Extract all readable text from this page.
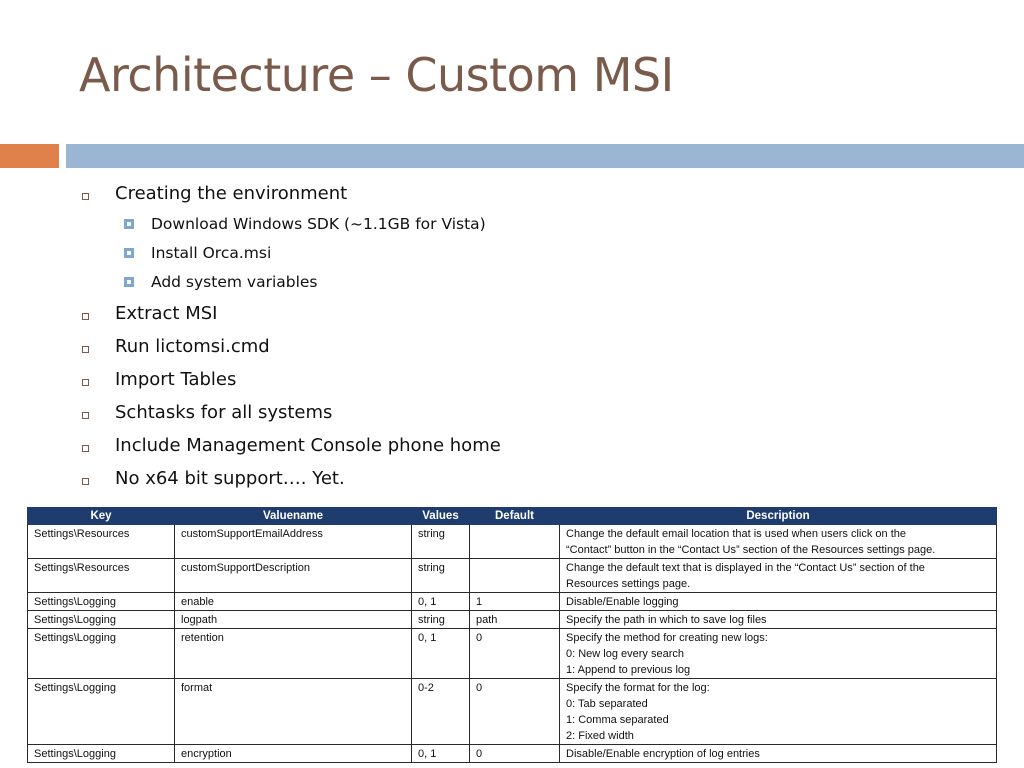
Architecture – Custom MSI
Creating the environment
Download Windows SDK (~1.1GB for Vista)
Install Orca.msi
Add system variables
Extract MSI
Run lictomsi.cmd
Import Tables
Schtasks for all systems
Include Management Console phone home
No x64 bit support…. Yet.
Key	Valuename	Values	Default	Description
Settings\Resources	customSupportEmailAddress	string		Change the default email location that is used when users click on the
“Contact” button in the “Contact Us” section of the Resources settings page.
Settings\Resources	customSupportDescription	string		Change the default text that is displayed in the “Contact Us” section of the
Resources settings page.
Settings\Logging	enable	0, 1	1	Disable/Enable logging
Settings\Logging	logpath	string	path	Specify the path in which to save log files
Settings\Logging	retention	0, 1	0	Specify the method for creating new logs:
0: New log every search
1: Append to previous log
Settings\Logging	format	0-2	0	Specify the format for the log:
0: Tab separated
1: Comma separated
2: Fixed width
Settings\Logging	encryption	0, 1	0	Disable/Enable encryption of log entries
